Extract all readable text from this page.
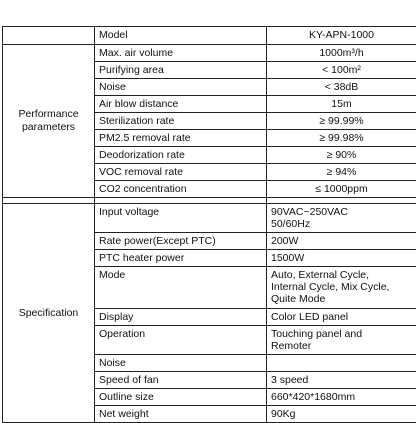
	Model	KY-APN-1000
Performance
parameters	Max. air volume	1000m³/h
	Purifying area	< 100m²
	Noise	< 38dB
	Air blow distance	15m
	Sterilization rate	≥ 99.99%
	PM2.5 removal rate	≥ 99.98%
	Deodorization rate	≥ 90%
	VOC removal rate	≥ 94%
	CO2 concentration	≤ 1000ppm

Specification	Input voltage	90VAC~250VAC
50/60Hz
	Rate power(Except PTC)	200W
	PTC heater power	1500W
	Mode	Auto, External Cycle,
Internal Cycle, Mix Cycle,
Quite Mode
	Display	Color LED panel
	Operation	Touching panel and
Remoter
	Noise	
	Speed of fan	3 speed
	Outline size	660*420*1680mm
	Net weight	90Kg
